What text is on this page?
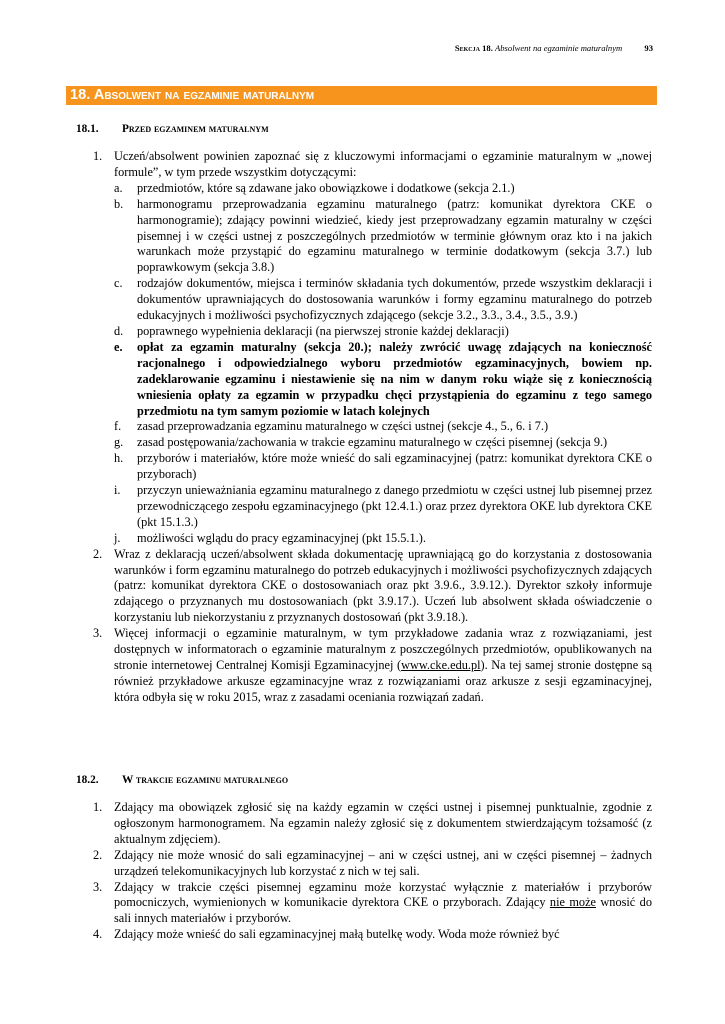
Sekcja 18. Absolwent na egzaminie maturalnym	93
18. Absolwent na egzaminie maturalnym
18.1. Przed egzaminem maturalnym
1. Uczeń/absolwent powinien zapoznać się z kluczowymi informacjami o egzaminie maturalnym w „nowej formule”, w tym przede wszystkim dotyczącymi:
a. przedmiotów, które są zdawane jako obowiązkowe i dodatkowe (sekcja 2.1.)
b. harmonogramu przeprowadzania egzaminu maturalnego (patrz: komunikat dyrektora CKE o harmonogramie); zdający powinni wiedzieć, kiedy jest przeprowadzany egzamin maturalny w części pisemnej i w części ustnej z poszczególnych przedmiotów w terminie głównym oraz kto i na jakich warunkach może przystąpić do egzaminu maturalnego w terminie dodatkowym (sekcja 3.7.) lub poprawkowym (sekcja 3.8.)
c. rodzajów dokumentów, miejsca i terminów składania tych dokumentów, przede wszystkim deklaracji i dokumentów uprawniających do dostosowania warunków i formy egzaminu maturalnego do potrzeb edukacyjnych i możliwości psychofizycznych zdającego (sekcje 3.2., 3.3., 3.4., 3.5., 3.9.)
d. poprawnego wypełnienia deklaracji (na pierwszej stronie każdej deklaracji)
e. opłat za egzamin maturalny (sekcja 20.); należy zwrócić uwagę zdających na konieczność racjonalnego i odpowiedzialnego wyboru przedmiotów egzaminacyjnych, bowiem np. zadeklarowanie egzaminu i niestawienie się na nim w danym roku wiąże się z koniecznością wniesienia opłaty za egzamin w przypadku chęci przystąpienia do egzaminu z tego samego przedmiotu na tym samym poziomie w latach kolejnych
f. zasad przeprowadzania egzaminu maturalnego w części ustnej (sekcje 4., 5., 6. i 7.)
g. zasad postępowania/zachowania w trakcie egzaminu maturalnego w części pisemnej (sekcja 9.)
h. przyborów i materiałów, które może wnieść do sali egzaminacyjnej (patrz: komunikat dyrektora CKE o przyborach)
i. przyczyn unieważniania egzaminu maturalnego z danego przedmiotu w części ustnej lub pisemnej przez przewodniczącego zespołu egzaminacyjnego (pkt 12.4.1.) oraz przez dyrektora OKE lub dyrektora CKE (pkt 15.1.3.)
j. możliwości wglądu do pracy egzaminacyjnej (pkt 15.5.1.).
2. Wraz z deklaracją uczeń/absolwent składa dokumentację uprawniającą go do korzystania z dostosowania warunków i form egzaminu maturalnego do potrzeb edukacyjnych i możliwości psychofizycznych zdających (patrz: komunikat dyrektora CKE o dostosowaniach oraz pkt 3.9.6., 3.9.12.). Dyrektor szkoły informuje zdającego o przyznanych mu dostosowaniach (pkt 3.9.17.). Uczeń lub absolwent składa oświadczenie o korzystaniu lub niekorzystaniu z przyznanych dostosowań (pkt 3.9.18.).
3. Więcej informacji o egzaminie maturalnym, w tym przykładowe zadania wraz z rozwiązaniami, jest dostępnych w informatorach o egzaminie maturalnym z poszczególnych przedmiotów, opublikowanych na stronie internetowej Centralnej Komisji Egzaminacyjnej (www.cke.edu.pl). Na tej samej stronie dostępne są również przykładowe arkusze egzaminacyjne wraz z rozwiązaniami oraz arkusze z sesji egzaminacyjnej, która odbyła się w roku 2015, wraz z zasadami oceniania rozwiązań zadań.
18.2. W trakcie egzaminu maturalnego
1. Zdający ma obowiązek zgłosić się na każdy egzamin w części ustnej i pisemnej punktualnie, zgodnie z ogłoszonym harmonogramem. Na egzamin należy zgłosić się z dokumentem stwierdzającym tożsamość (z aktualnym zdjęciem).
2. Zdający nie może wnosić do sali egzaminacyjnej – ani w części ustnej, ani w części pisemnej – żadnych urządzeń telekomunikacyjnych lub korzystać z nich w tej sali.
3. Zdający w trakcie części pisemnej egzaminu może korzystać wyłącznie z materiałów i przyborów pomocniczych, wymienionych w komunikacie dyrektora CKE o przyborach. Zdający nie może wnosić do sali innych materiałów i przyborów.
4. Zdający może wnieść do sali egzaminacyjnej małą butelkę wody. Woda może również być
